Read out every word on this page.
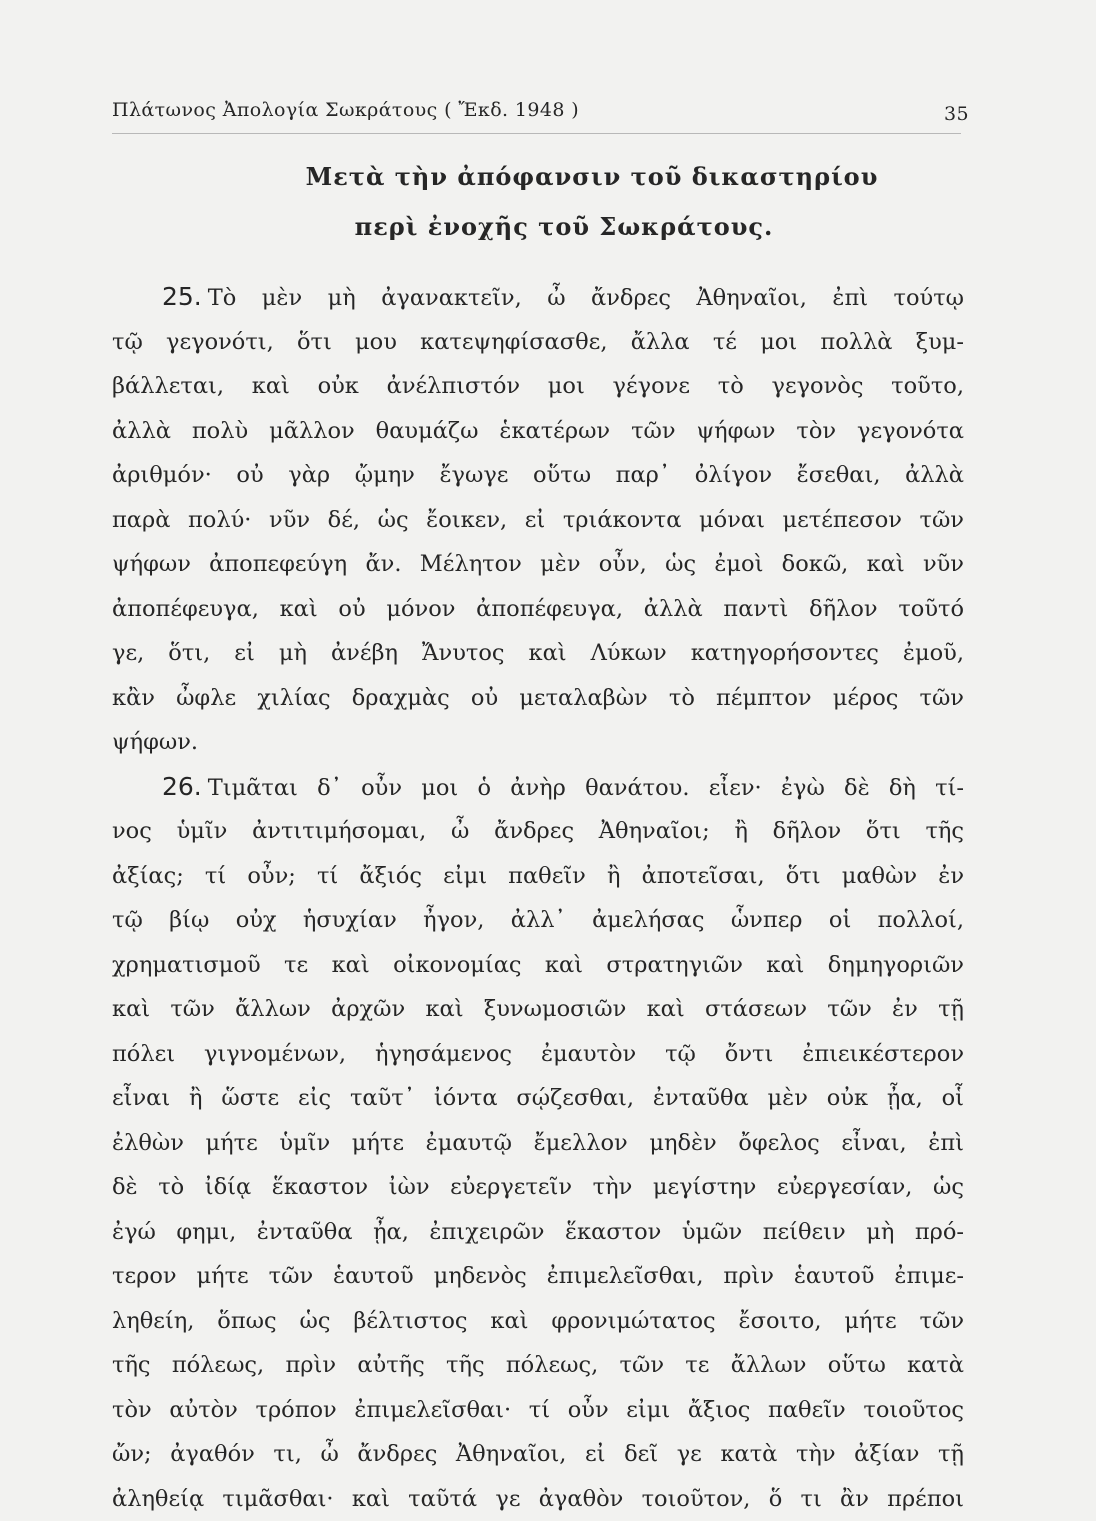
Πλάτωνος Ἀπολογία Σωκράτους ( Ἔκδ. 1948 )	35
Μετὰ τὴν ἀπόφανσιν τοῦ δικαστηρίου
περὶ ἐνοχῆς τοῦ Σωκράτους.
25. Τὸ μὲν μὴ ἀγανακτεῖν, ὦ ἄνδρες Ἀθηναῖοι, ἐπὶ τούτῳ
τῷ γεγονότι, ὅτι μου κατεψηφίσασθε, ἄλλα τέ μοι πολλὰ ξυμ-
βάλλεται, καὶ οὐκ ἀνέλπιστόν μοι γέγονε τὸ γεγονὸς τοῦτο,
ἀλλὰ πολὺ μᾶλλον θαυμάζω ἑκατέρων τῶν ψήφων τὸν γεγονότα
ἀριθμόν· οὐ γὰρ ᾤμην ἔγωγε οὕτω παρ᾽ ὀλίγον ἔσεθαι, ἀλλὰ
παρὰ πολύ· νῦν δέ, ὡς ἔοικεν, εἰ τριάκοντα μόναι μετέπεσον τῶν
ψήφων ἀποπεφεύγη ἄν. Μέλητον μὲν οὖν, ὡς ἐμοὶ δοκῶ, καὶ νῦν
ἀποπέφευγα, καὶ οὐ μόνον ἀποπέφευγα, ἀλλὰ παντὶ δῆλον τοῦτό
γε, ὅτι, εἰ μὴ ἀνέβη Ἄνυτος καὶ Λύκων κατηγορήσοντες ἐμοῦ,
κἂν ὦφλε χιλίας δραχμὰς οὐ μεταλαβὼν τὸ πέμπτον μέρος τῶν
ψήφων.
26. Τιμᾶται δ᾽ οὖν μοι ὁ ἀνὴρ θανάτου. εἶεν· ἐγὼ δὲ δὴ τί-
νος ὑμῖν ἀντιτιμήσομαι, ὦ ἄνδρες Ἀθηναῖοι; ἢ δῆλον ὅτι τῆς
ἀξίας; τί οὖν; τί ἄξιός εἰμι παθεῖν ἢ ἀποτεῖσαι, ὅτι μαθὼν ἐν
τῷ βίῳ οὐχ ἡσυχίαν ἦγον, ἀλλ᾽ ἀμελήσας ὧνπερ οἱ πολλοί,
χρηματισμοῦ τε καὶ οἰκονομίας καὶ στρατηγιῶν καὶ δημηγοριῶν
καὶ τῶν ἄλλων ἀρχῶν καὶ ξυνωμοσιῶν καὶ στάσεων τῶν ἐν τῇ
πόλει γιγνομένων, ἡγησάμενος ἐμαυτὸν τῷ ὄντι ἐπιεικέστερον
εἶναι ἢ ὥστε εἰς ταῦτ᾽ ἰόντα σῴζεσθαι, ἐνταῦθα μὲν οὐκ ᾖα, οἷ
ἐλθὼν μήτε ὑμῖν μήτε ἐμαυτῷ ἔμελλον μηδὲν ὄφελος εἶναι, ἐπὶ
δὲ τὸ ἰδίᾳ ἕκαστον ἰὼν εὐεργετεῖν τὴν μεγίστην εὐεργεσίαν, ὡς
ἐγώ φημι, ἐνταῦθα ᾖα, ἐπιχειρῶν ἕκαστον ὑμῶν πείθειν μὴ πρό-
τερον μήτε τῶν ἑαυτοῦ μηδενὸς ἐπιμελεῖσθαι, πρὶν ἑαυτοῦ ἐπιμε-
ληθείη, ὅπως ὡς βέλτιστος καὶ φρονιμώτατος ἔσοιτο, μήτε τῶν
τῆς πόλεως, πρὶν αὐτῆς τῆς πόλεως, τῶν τε ἄλλων οὕτω κατὰ
τὸν αὐτὸν τρόπον ἐπιμελεῖσθαι· τί οὖν εἰμι ἄξιος παθεῖν τοιοῦτος
ὤν; ἀγαθόν τι, ὦ ἄνδρες Ἀθηναῖοι, εἰ δεῖ γε κατὰ τὴν ἀξίαν τῇ
ἀληθείᾳ τιμᾶσθαι· καὶ ταῦτά γε ἀγαθὸν τοιοῦτον, ὅ τι ἂν πρέποι
